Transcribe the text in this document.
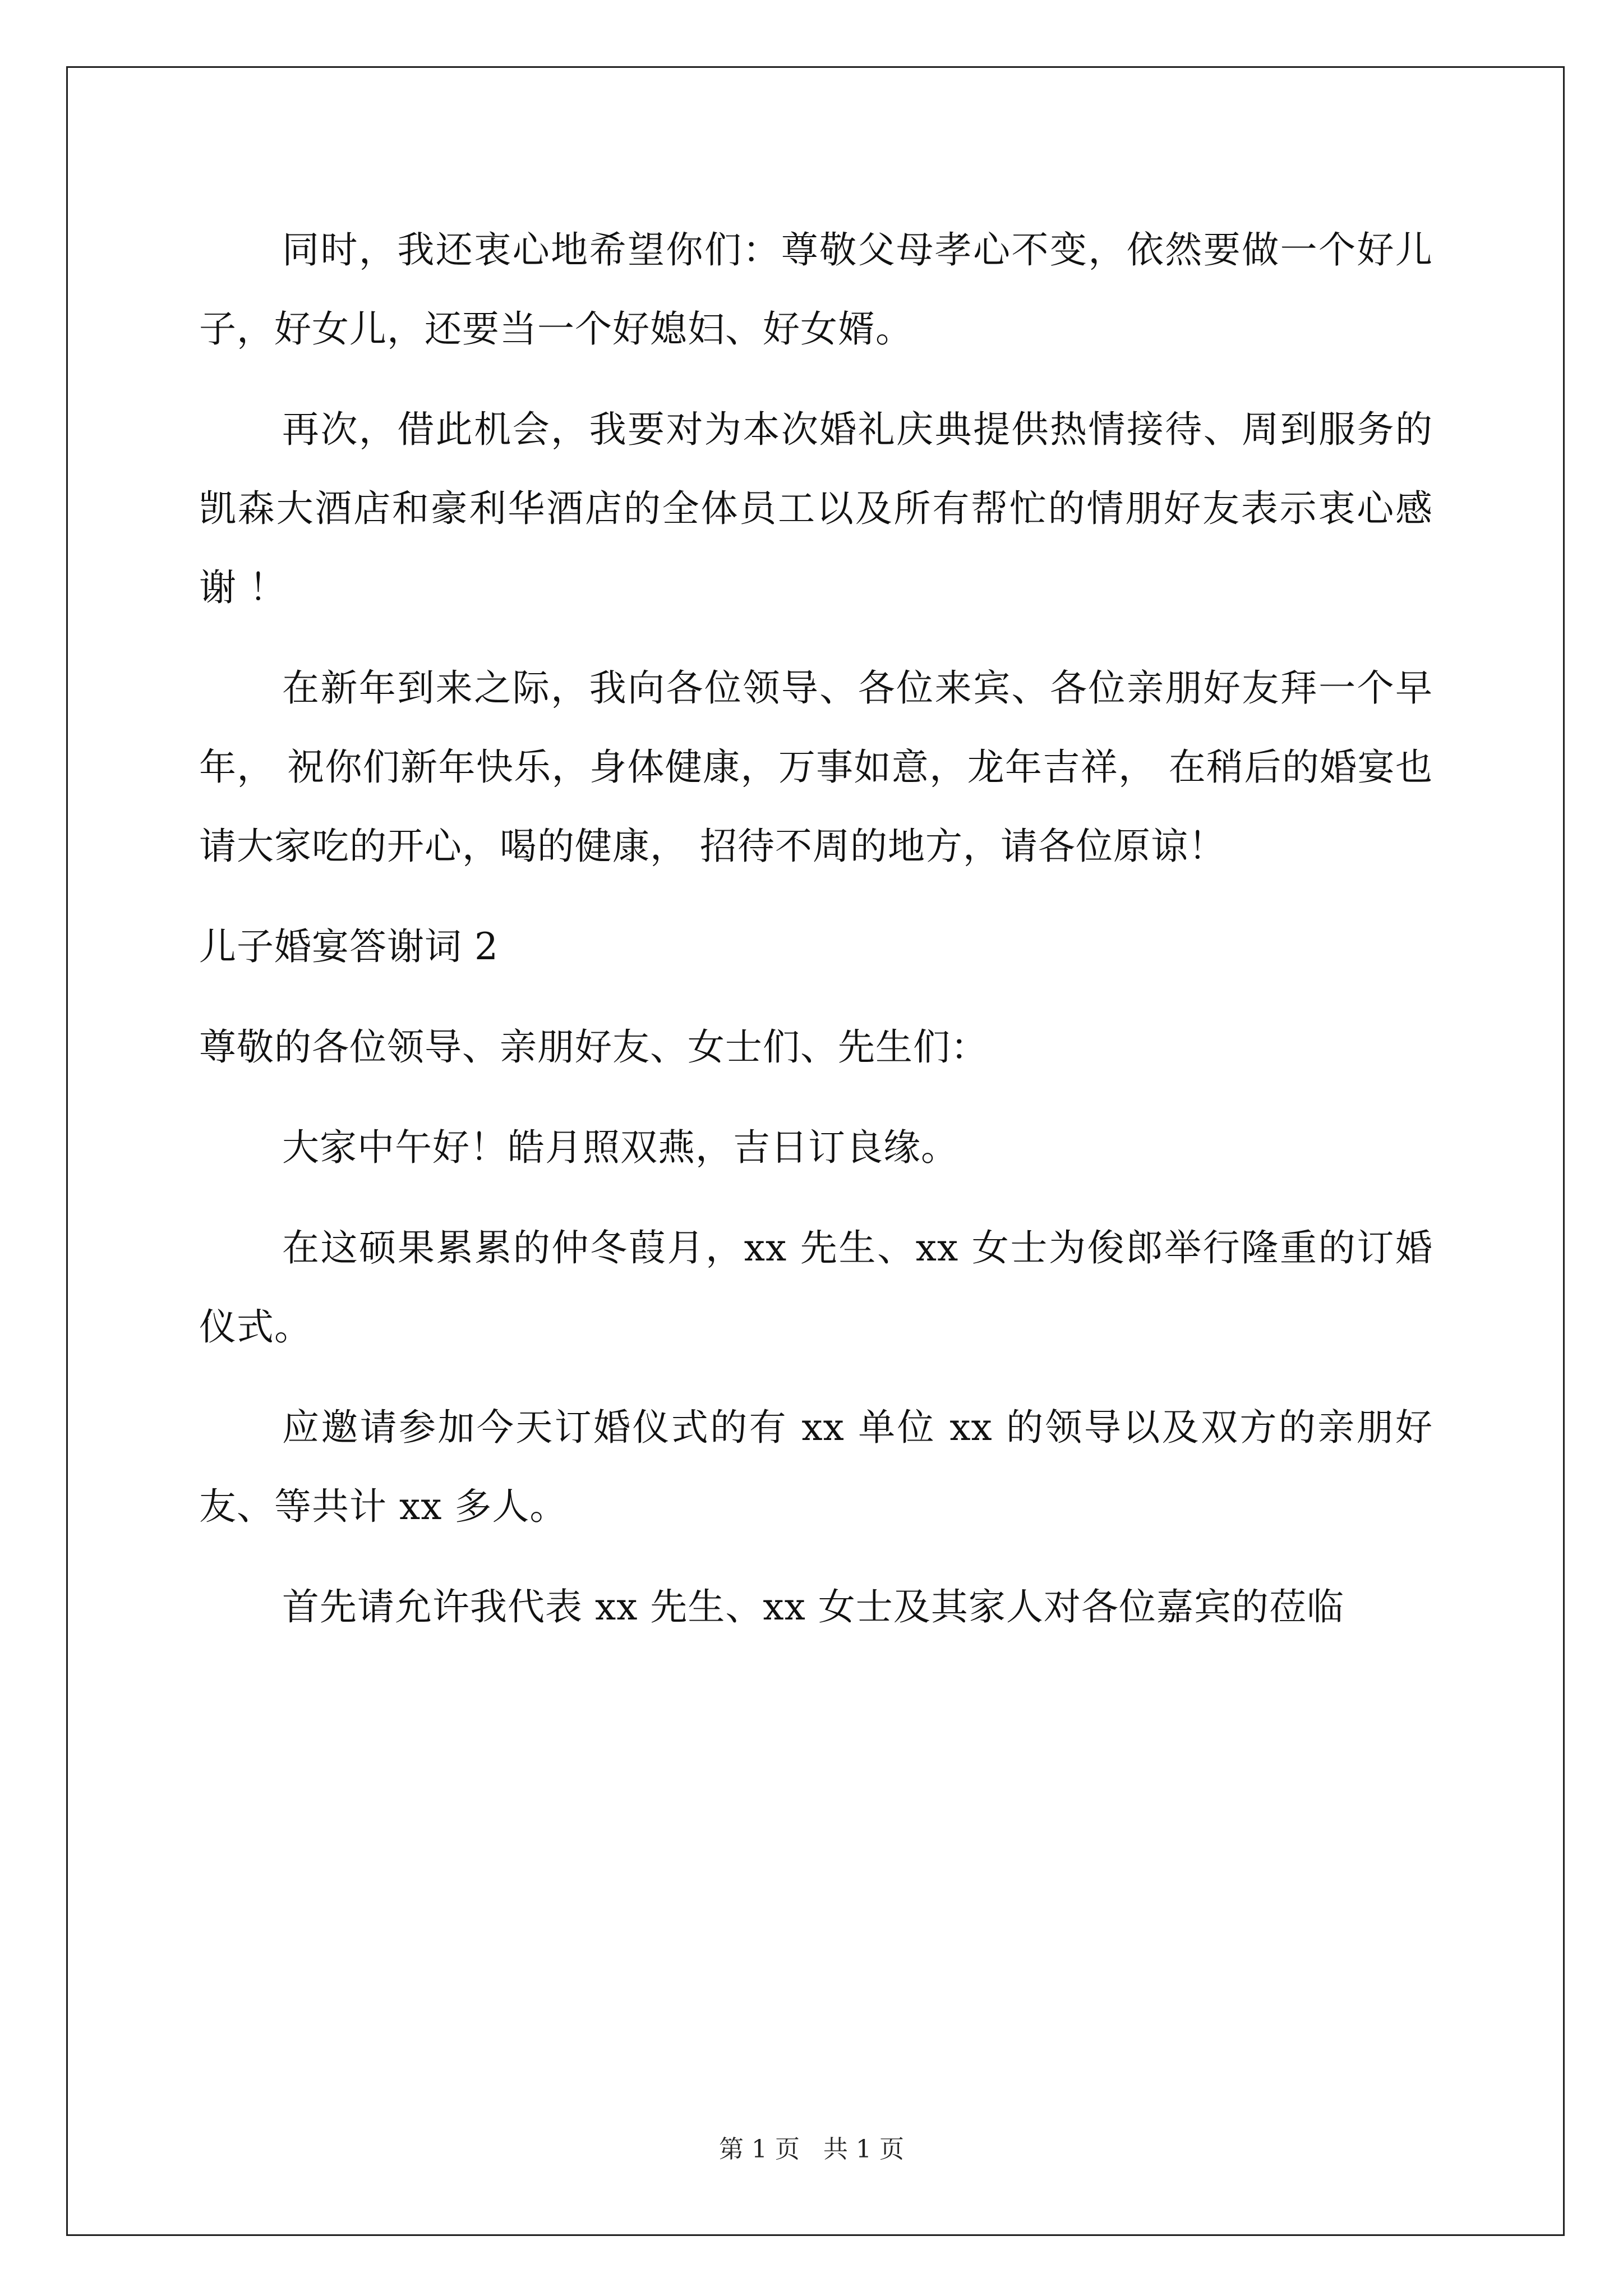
同时，我还衷心地希望你们：尊敬父母孝心不变，依然要做一个好儿子，好女儿，还要当一个好媳妇、好女婿。

再次，借此机会，我要对为本次婚礼庆典提供热情接待、周到服务的凯森大酒店和豪利华酒店的全体员工以及所有帮忙的情朋好友表示衷心感谢 ！

在新年到来之际，我向各位领导、各位来宾、各位亲朋好友拜一个早年， 祝你们新年快乐，身体健康，万事如意，龙年吉祥， 在稍后的婚宴也请大家吃的开心，喝的健康， 招待不周的地方，请各位原谅！

儿子婚宴答谢词 2

尊敬的各位领导、亲朋好友、女士们、先生们：

大家中午好！皓月照双燕，吉日订良缘。

在这硕果累累的仲冬葭月，xx 先生、xx 女士为俊郎举行隆重的订婚仪式。

应邀请参加今天订婚仪式的有 xx 单位 xx 的领导以及双方的亲朋好友、等共计 xx 多人。

首先请允许我代表 xx 先生、xx 女士及其家人对各位嘉宾的莅临

第 1 页 共 1 页
